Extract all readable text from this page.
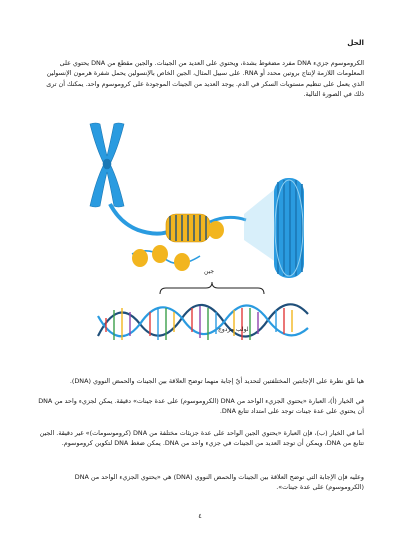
الحل
الكروموسوم جزيء DNA مفرد مضغوط بشدة، ويحتوي على العديد من الجينات. والجين مقطع من DNA يحتوي على المعلومات اللازمة لإنتاج بروتين محدد أو RNA. على سبيل المثال، الجين الخاص بالإنسولين يحمل شفرة هرمون الإنسولين الذي يعمل على تنظيم مستويات السكر في الدم. يوجد العديد من الجينات الموجودة على كروموسوم واحد. يمكنك أن ترى ذلك في الصورة التالية.
جين
لولب مزدوج
هيا نلق نظرة على الإجابتين المختلفتين لتحديد أيّ إجابة منهما توضح العلاقة بين الجينات والحمض النووي (DNA).
في الخيار (أ)، العبارة «يحتوي الجزيء الواحد من DNA (الكروموسوم) على عدة جينات» دقيقة. يمكن لجزيء واحد من DNA أن يحتوي على عدة جينات توجد على امتداد تتابع DNA.
أما في الخيار (ب)، فإن العبارة «يحتوي الجين الواحد على عدة جزيئات مختلفة من DNA (كروموسومات)» غير دقيقة. الجين تتابع من DNA، ويمكن أن توجد العديد من الجينات في جزيء واحد من DNA. يمكن ضغط DNA لتكوين كروموسوم.
وعليه فإن الإجابة التي توضح العلاقة بين الجينات والحمض النووي (DNA) هي «يحتوي الجزيء الواحد من DNA (الكروموسوم) على عدة جينات».
٤
